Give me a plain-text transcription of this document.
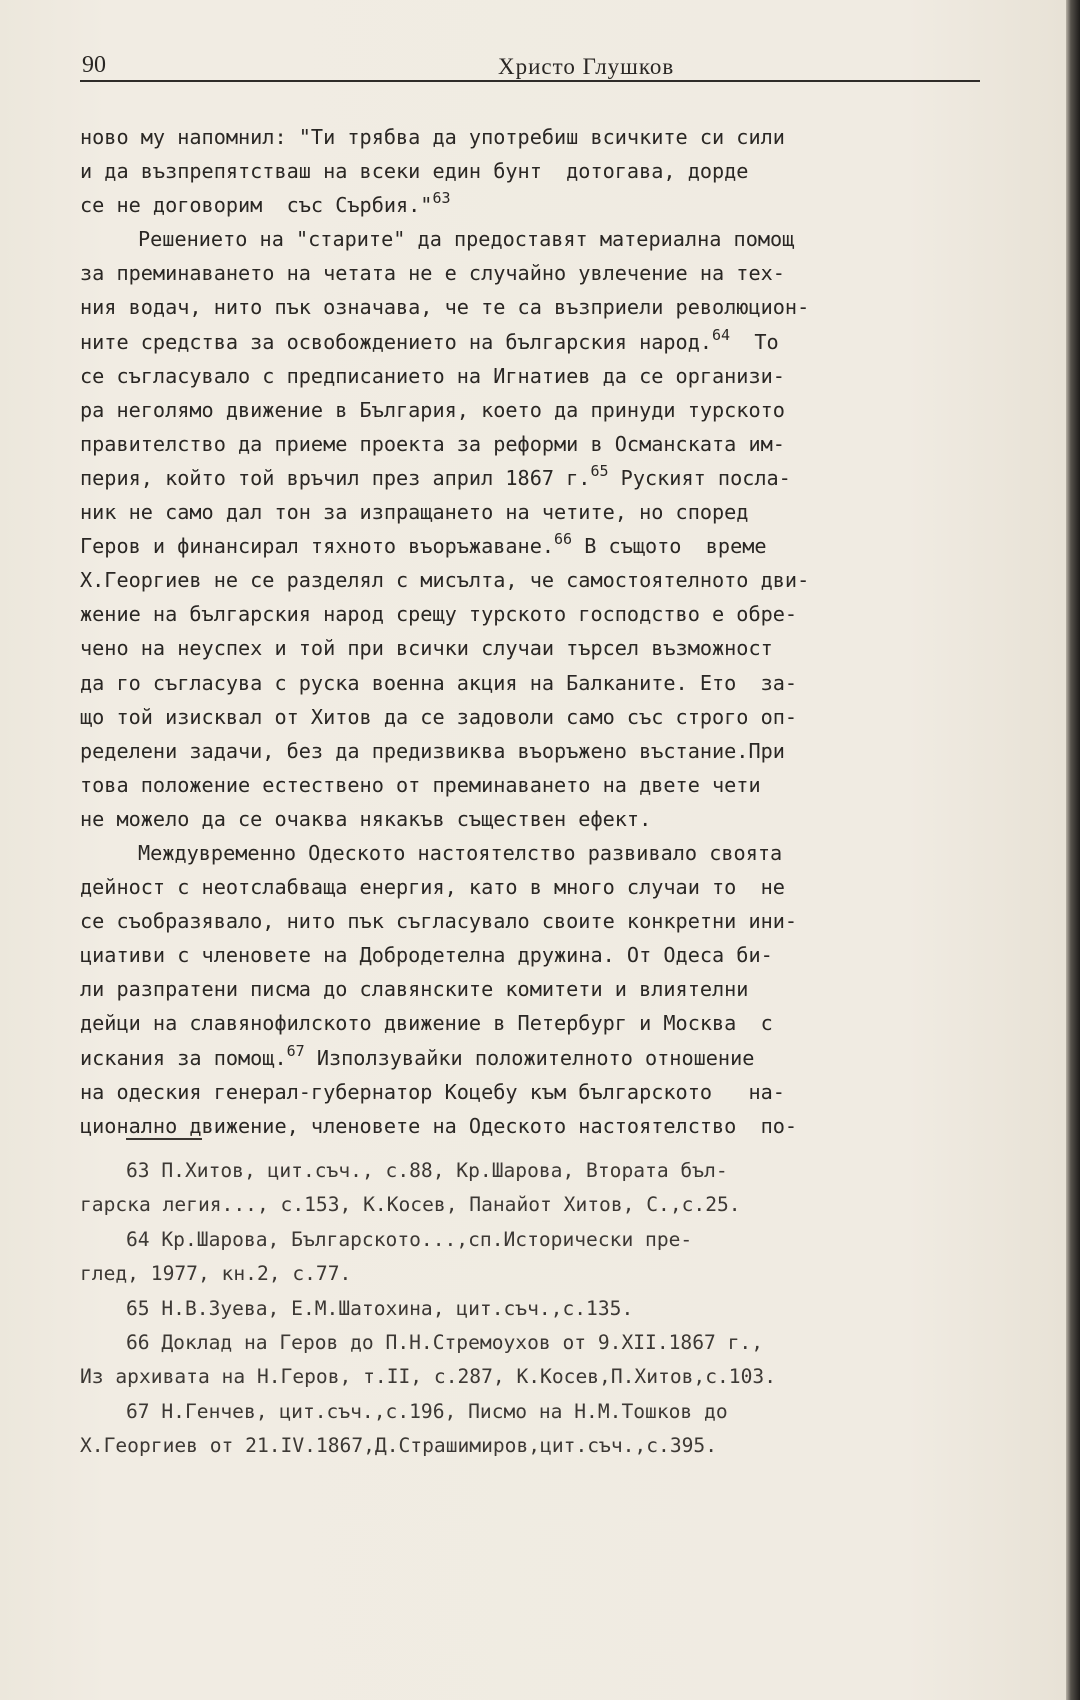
90	Христо Глушков
ново му напомнил: "Ти трябва да употребиш всичките си сили
и да възпрепятстваш на всеки един бунт  дотогава, дорде
се не договорим  със Сърбия."$^{63}$
Решението на "старите" да предоставят материална помощ
за преминаването на четата не е случайно увлечение на тех-
ния водач, нито пък означава, че те са възприели революцион-
ните средства за освобождението на българския народ.$^{64}$  То
се съгласувало с предписанието на Игнатиев да се организи-
ра неголямо движение в България, което да принуди турското
правителство да приеме проекта за реформи в Османската им-
перия, който той връчил през април 1867 г.$^{65}$ Руският посла-
ник не само дал тон за изпращането на четите, но според
Геров и финансирал тяхното въоръжаване.$^{66}$ В същото  време
Х.Георгиев не се разделял с мисълта, че самостоятелното дви-
жение на българския народ срещу турското господство е обре-
чено на неуспех и той при всички случаи търсел възможност
да го съгласува с руска военна акция на Балканите. Ето  за-
що той изисквал от Хитов да се задоволи само със строго оп-
ределени задачи, без да предизвиква въоръжено въстание.При
това положение естествено от преминаването на двете чети
не можело да се очаква някакъв съществен ефект.
Междувременно Одеското настоятелство развивало своята
дейност с неотслабваща енергия, като в много случаи то  не
се съобразявало, нито пък съгласувало своите конкретни ини-
циативи с членовете на Добродетелна дружина. От Одеса би-
ли разпратени писма до славянските комитети и влиятелни
дейци на славянофилското движение в Петербург и Москва  с
искания за помощ.$^{67}$ Използувайки положителното отношение
на одеския генерал-губернатор Коцебу към българското   на-
ционално движение, членовете на Одеското настоятелство  по-
63 П.Хитов, цит.съч., с.88, Кр.Шарова, Втората бъл-
гарска легия..., с.153, К.Косев, Панайот Хитов, С.,с.25.
64 Кр.Шарова, Българското...,сп.Исторически пре-
глед, 1977, кн.2, с.77.
65 Н.В.Зуева, Е.М.Шатохина, цит.съч.,с.135.
66 Доклад на Геров до П.Н.Стремоухов от 9.XII.1867 г.,
Из архивата на Н.Геров, т.II, с.287, К.Косев,П.Хитов,с.103.
67 Н.Генчев, цит.съч.,с.196, Писмо на Н.М.Тошков до
Х.Георгиев от 21.IV.1867,Д.Страшимиров,цит.съч.,с.395.
